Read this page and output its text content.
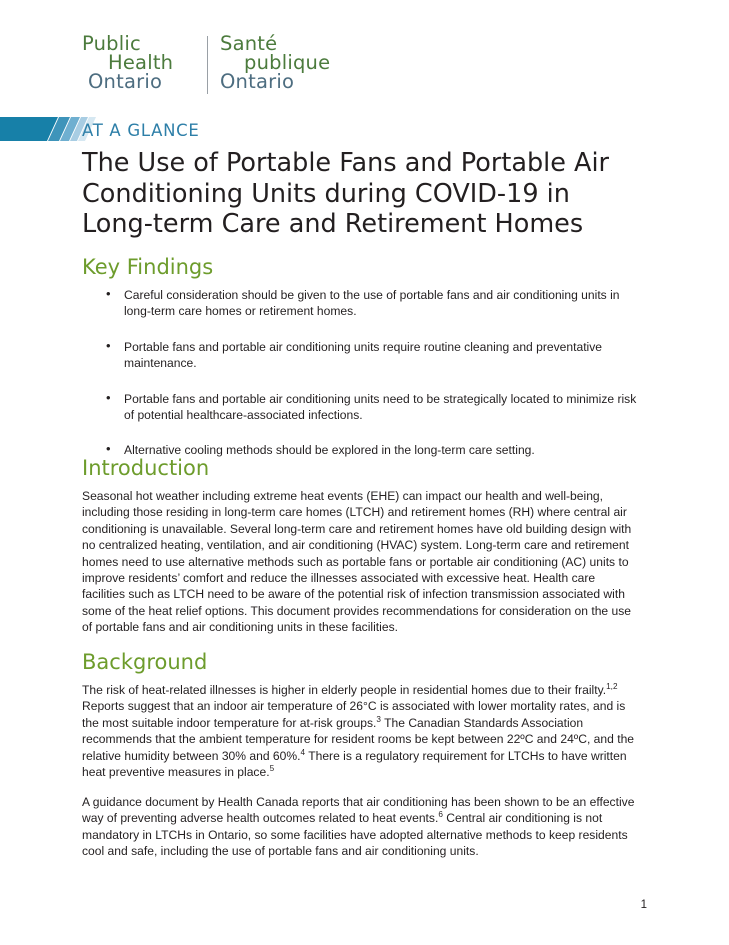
Public
Health
Ontario
Santé
publique
Ontario
AT A GLANCE
The Use of Portable Fans and Portable Air Conditioning Units during COVID-19 in Long-term Care and Retirement Homes
Key Findings
• Careful consideration should be given to the use of portable fans and air conditioning units in long-term care homes or retirement homes.
• Portable fans and portable air conditioning units require routine cleaning and preventative maintenance.
• Portable fans and portable air conditioning units need to be strategically located to minimize risk of potential healthcare-associated infections.
• Alternative cooling methods should be explored in the long-term care setting.
Introduction
Seasonal hot weather including extreme heat events (EHE) can impact our health and well-being, including those residing in long-term care homes (LTCH) and retirement homes (RH) where central air conditioning is unavailable. Several long-term care and retirement homes have old building design with no centralized heating, ventilation, and air conditioning (HVAC) system. Long-term care and retirement homes need to use alternative methods such as portable fans or portable air conditioning (AC) units to improve residents’ comfort and reduce the illnesses associated with excessive heat. Health care facilities such as LTCH need to be aware of the potential risk of infection transmission associated with some of the heat relief options. This document provides recommendations for consideration on the use of portable fans and air conditioning units in these facilities.
Background
The risk of heat-related illnesses is higher in elderly people in residential homes due to their frailty.$^{1,2}$ Reports suggest that an indoor air temperature of 26°C is associated with lower mortality rates, and is the most suitable indoor temperature for at-risk groups.$^3$ The Canadian Standards Association recommends that the ambient temperature for resident rooms be kept between 22ºC and 24ºC, and the relative humidity between 30% and 60%.$^4$ There is a regulatory requirement for LTCHs to have written heat preventive measures in place.$^5$
A guidance document by Health Canada reports that air conditioning has been shown to be an effective way of preventing adverse health outcomes related to heat events.$^6$ Central air conditioning is not mandatory in LTCHs in Ontario, so some facilities have adopted alternative methods to keep residents cool and safe, including the use of portable fans and air conditioning units.
1
